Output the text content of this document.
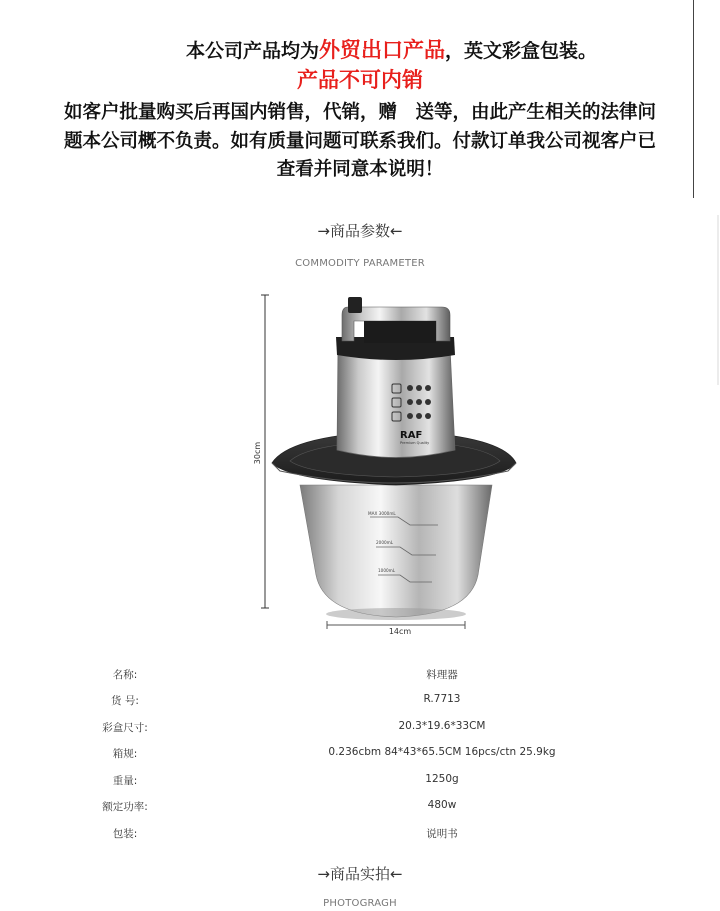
本公司产品均为外贸出口产品，英文彩盒包装。
产品不可内销
如客户批量购买后再国内销售，代销，赠　送等，由此产生相关的法律问
题本公司概不负责。如有质量问题可联系我们。付款订单我公司视客户已
查看并同意本说明！
→商品参数←
COMMODITY PARAMETER
30cm
14cm
MAX 3000mL
2000mL
1000mL
RAF
Premium Quality
名称:	料理器
货 号:	R.7713
彩盒尺寸:	20.3*19.6*33CM
箱规:	0.236cbm 84*43*65.5CM 16pcs/ctn 25.9kg
重量:	1250g
额定功率:	480w
包装:	说明书
→商品实拍←
PHOTOGRAGH
